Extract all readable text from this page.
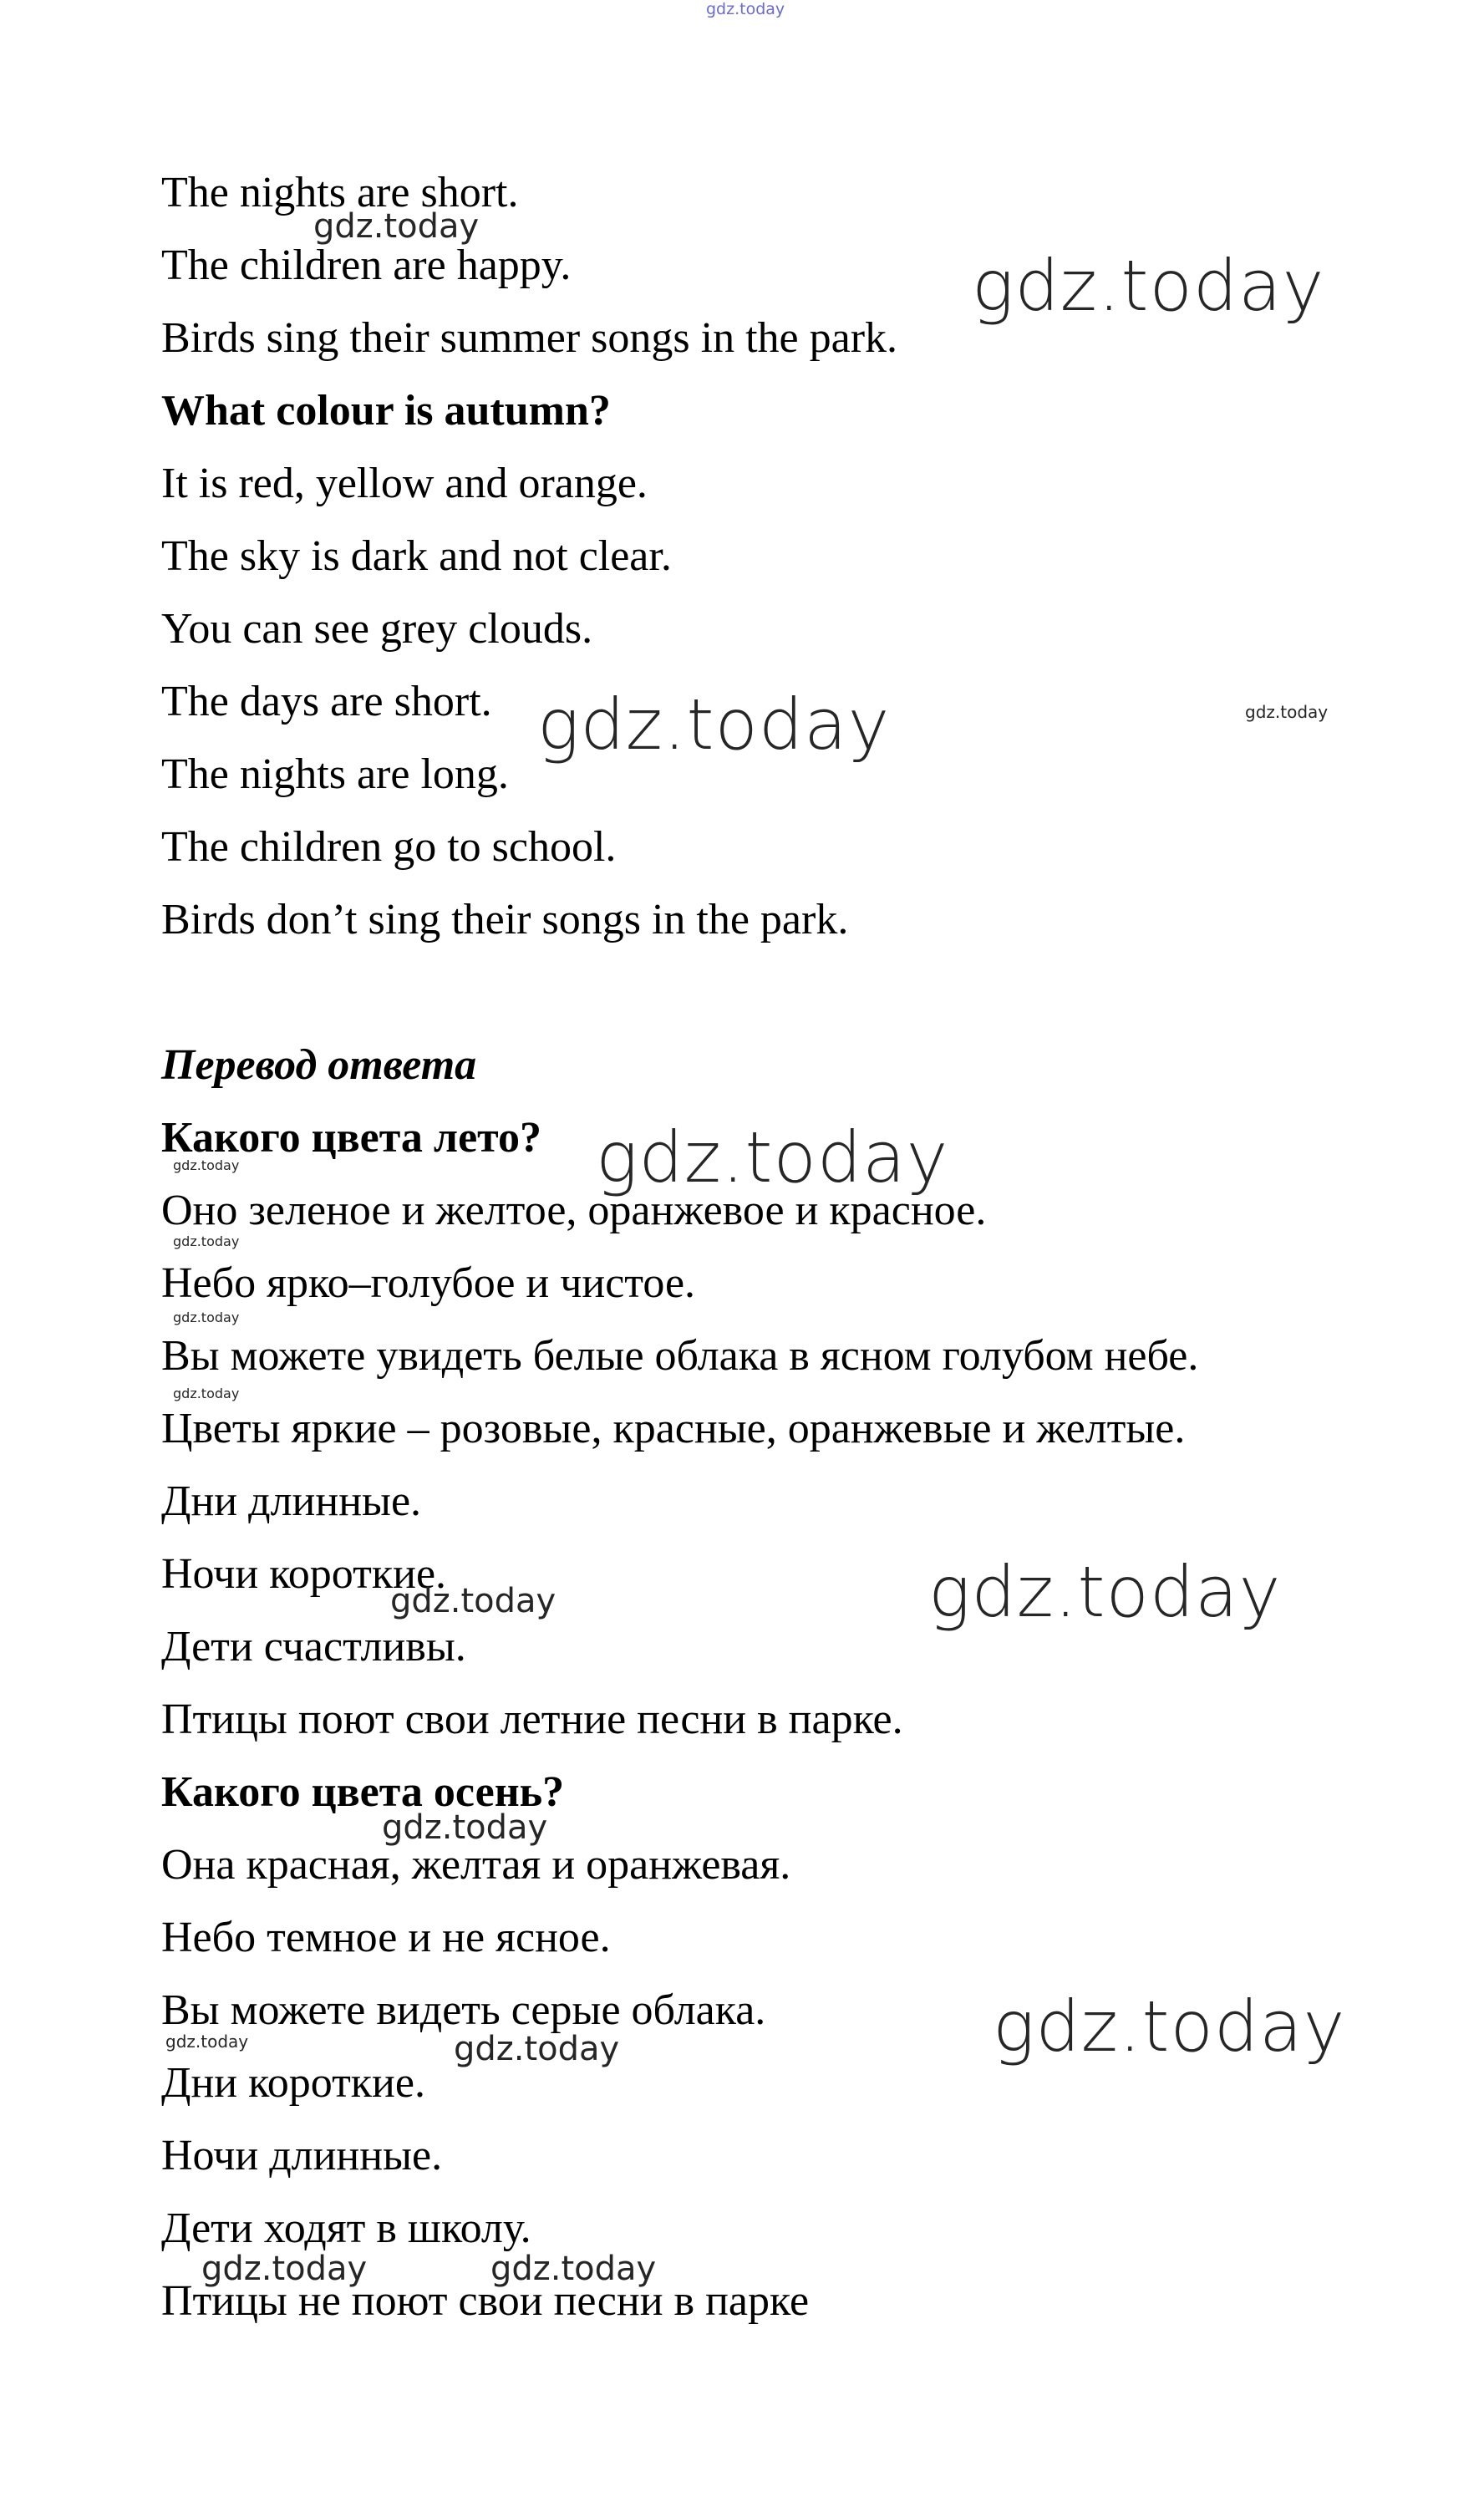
gdz.today
The nights are short.
The children are happy.
Birds sing their summer songs in the park.
What colour is autumn?
It is red, yellow and orange.
The sky is dark and not clear.
You can see grey clouds.
The days are short.
The nights are long.
The children go to school.
Birds don’t sing their songs in the park.
Перевод ответа
Какого цвета лето?
Оно зеленое и желтое, оранжевое и красное.
Небо ярко–голубое и чистое.
Вы можете увидеть белые облака в ясном голубом небе.
Цветы яркие – розовые, красные, оранжевые и желтые.
Дни длинные.
Ночи короткие.
Дети счастливы.
Птицы поют свои летние песни в парке.
Какого цвета осень?
Она красная, желтая и оранжевая.
Небо темное и не ясное.
Вы можете видеть серые облака.
Дни короткие.
Ночи длинные.
Дети ходят в школу.
Птицы не поют свои песни в парке
gdz.today
gdz.today
gdz.today	gdz.today
gdz.today
gdz.today
gdz.today
gdz.today
gdz.today
gdz.today	gdz.today
gdz.today
gdz.today
gdz.today	gdz.today
gdz.today	gdz.today
